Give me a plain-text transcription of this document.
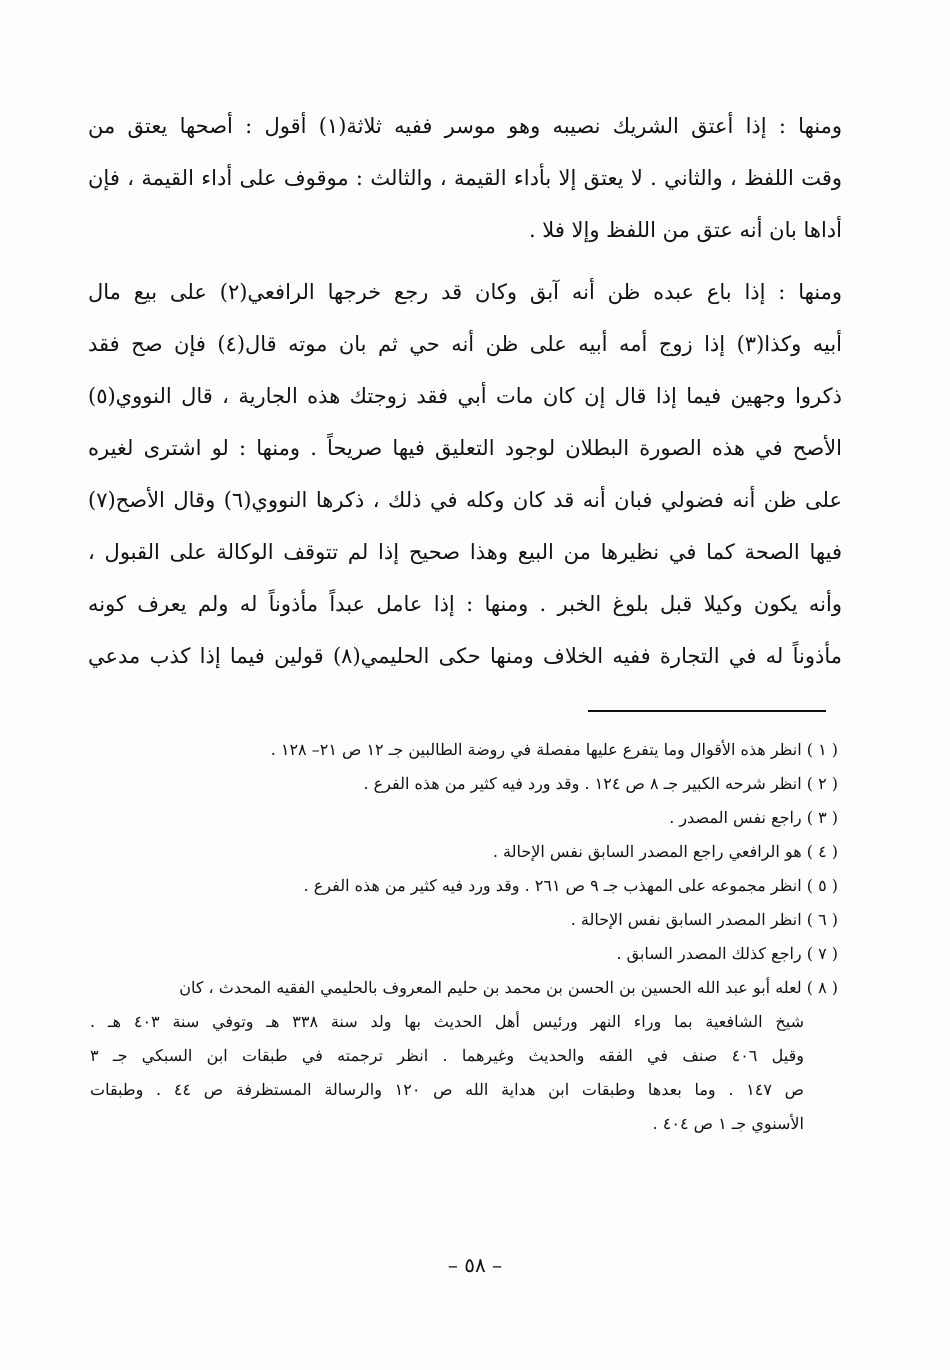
ومنها : إذا أعتق الشريك نصيبه وهو موسر ففيه ثلاثة(١) أقول : أصحها يعتق من
وقت اللفظ ، والثاني . لا يعتق إلا بأداء القيمة ، والثالث : موقوف على أداء القيمة ، فإن
أداها بان أنه عتق من اللفظ وإلا فلا .
ومنها : إذا باع عبده ظن أنه آبق وكان قد رجع خرجها الرافعي(٢) على بيع مال
أبيه وكذا(٣) إذا زوج أمه أبيه على ظن أنه حي ثم بان موته قال(٤) فإن صح فقد
ذكروا وجهين فيما إذا قال إن كان مات أبي فقد زوجتك هذه الجارية ، قال النووي(٥)
الأصح في هذه الصورة البطلان لوجود التعليق فيها صريحاً . ومنها : لو اشترى لغيره
على ظن أنه فضولي فبان أنه قد كان وكله في ذلك ، ذكرها النووي(٦) وقال الأصح(٧)
فيها الصحة كما في نظيرها من البيع وهذا صحيح إذا لم تتوقف الوكالة على القبول ،
وأنه يكون وكيلا قبل بلوغ الخبر . ومنها : إذا عامل عبداً مأذوناً له ولم يعرف كونه
مأذوناً له في التجارة ففيه الخلاف ومنها حكى الحليمي(٨) قولين فيما إذا كذب مدعي
( ١ ) انظر هذه الأقوال وما يتفرع عليها مفصلة في روضة الطالبين جـ ١٢ ص ٢١– ١٢٨ .
( ٢ ) انظر شرحه الكبير جـ ٨ ص ١٢٤ . وقد ورد فيه كثير من هذه الفرع .
( ٣ ) راجع نفس المصدر .
( ٤ ) هو الرافعي راجع المصدر السابق نفس الإحالة .
( ٥ ) انظر مجموعه على المهذب جـ ٩ ص ٢٦١ . وقد ورد فيه كثير من هذه الفرع .
( ٦ ) انظر المصدر السابق نفس الإحالة .
( ٧ ) راجع كذلك المصدر السابق .
( ٨ ) لعله أبو عبد الله الحسين بن الحسن بن محمد بن حليم المعروف بالحليمي الفقيه المحدث ، كان
شيخ الشافعية بما وراء النهر ورئيس أهل الحديث بها ولد سنة ٣٣٨ هـ وتوفي سنة ٤٠٣ هـ .
وقيل ٤٠٦ صنف في الفقه والحديث وغيرهما . انظر ترجمته في طبقات ابن السبكي جـ ٣
ص ١٤٧ . وما بعدها وطبقات ابن هداية الله ص ١٢٠ والرسالة المستظرفة ص ٤٤ . وطبقات
الأسنوي جـ ١ ص ٤٠٤ .
– ٥٨ –
